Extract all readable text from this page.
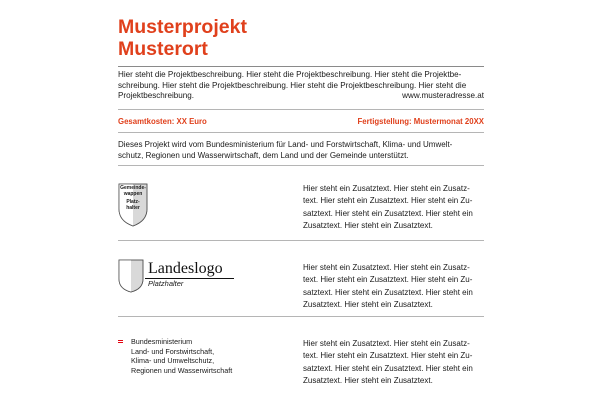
Musterprojekt
Musterort
Hier steht die Projektbeschreibung. Hier steht die Projektbeschreibung. Hier steht die Projektbe-
schreibung. Hier steht die Projektbeschreibung. Hier steht die Projektbeschreibung. Hier steht die
Projektbeschreibung.	www.musteradresse.at
Gesamtkosten: XX Euro	Fertigstellung: Mustermonat 20XX
Dieses Projekt wird vom Bundesministerium für Land- und Forstwirtschaft, Klima- und Umwelt-
schutz, Regionen und Wasserwirtschaft, dem Land und der Gemeinde unterstützt.
Gemeinde-
wappen
Platz-
halter
Hier steht ein Zusatztext. Hier steht ein Zusatz-
text. Hier steht ein Zusatztext. Hier steht ein Zu-
satztext. Hier steht ein Zusatztext. Hier steht ein
Zusatztext. Hier steht ein Zusatztext.
Landeslogo
Platzhalter
Hier steht ein Zusatztext. Hier steht ein Zusatz-
text. Hier steht ein Zusatztext. Hier steht ein Zu-
satztext. Hier steht ein Zusatztext. Hier steht ein
Zusatztext. Hier steht ein Zusatztext.
Bundesministerium
Land- und Forstwirtschaft,
Klima- und Umweltschutz,
Regionen und Wasserwirtschaft
Hier steht ein Zusatztext. Hier steht ein Zusatz-
text. Hier steht ein Zusatztext. Hier steht ein Zu-
satztext. Hier steht ein Zusatztext. Hier steht ein
Zusatztext. Hier steht ein Zusatztext.
